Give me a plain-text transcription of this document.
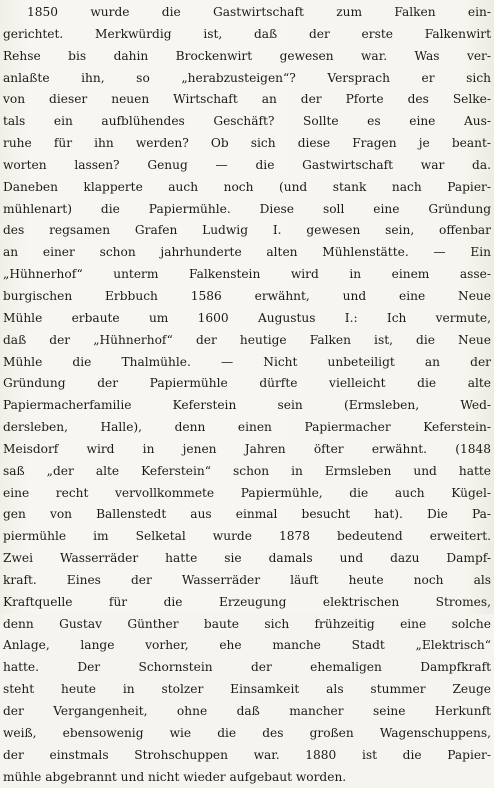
1850 wurde die Gastwirtschaft zum Falken ein-
gerichtet. Merkwürdig ist, daß der erste Falkenwirt
Rehse bis dahin Brockenwirt gewesen war. Was ver-
anlaßte ihn, so „herabzusteigen“? Versprach er sich
von dieser neuen Wirtschaft an der Pforte des Selke-
tals ein aufblühendes Geschäft? Sollte es eine Aus-
ruhe für ihn werden? Ob sich diese Fragen je beant-
worten lassen? Genug — die Gastwirtschaft war da.
Daneben klapperte auch noch (und stank nach Papier-
mühlenart) die Papiermühle. Diese soll eine Gründung
des regsamen Grafen Ludwig I. gewesen sein, offenbar
an einer schon jahrhunderte alten Mühlenstätte. — Ein
„Hühnerhof“ unterm Falkenstein wird in einem asse-
burgischen Erbbuch 1586 erwähnt, und eine Neue
Mühle erbaute um 1600 Augustus I.: Ich vermute,
daß der „Hühnerhof“ der heutige Falken ist, die Neue
Mühle die Thalmühle. — Nicht unbeteiligt an der
Gründung der Papiermühle dürfte vielleicht die alte
Papiermacherfamilie Keferstein sein (Ermsleben, Wed-
dersleben, Halle), denn einen Papiermacher Keferstein-
Meisdorf wird in jenen Jahren öfter erwähnt. (1848
saß „der alte Keferstein“ schon in Ermsleben und hatte
eine recht vervollkommete Papiermühle, die auch Kügel-
gen von Ballenstedt aus einmal besucht hat). Die Pa-
piermühle im Selketal wurde 1878 bedeutend erweitert.
Zwei Wasserräder hatte sie damals und dazu Dampf-
kraft. Eines der Wasserräder läuft heute noch als
Kraftquelle für die Erzeugung elektrischen Stromes,
denn Gustav Günther baute sich frühzeitig eine solche
Anlage, lange vorher, ehe manche Stadt „Elektrisch“
hatte. Der Schornstein der ehemaligen Dampfkraft
steht heute in stolzer Einsamkeit als stummer Zeuge
der Vergangenheit, ohne daß mancher seine Herkunft
weiß, ebensowenig wie die des großen Wagenschuppens,
der einstmals Strohschuppen war. 1880 ist die Papier-
mühle abgebrannt und nicht wieder aufgebaut worden.
